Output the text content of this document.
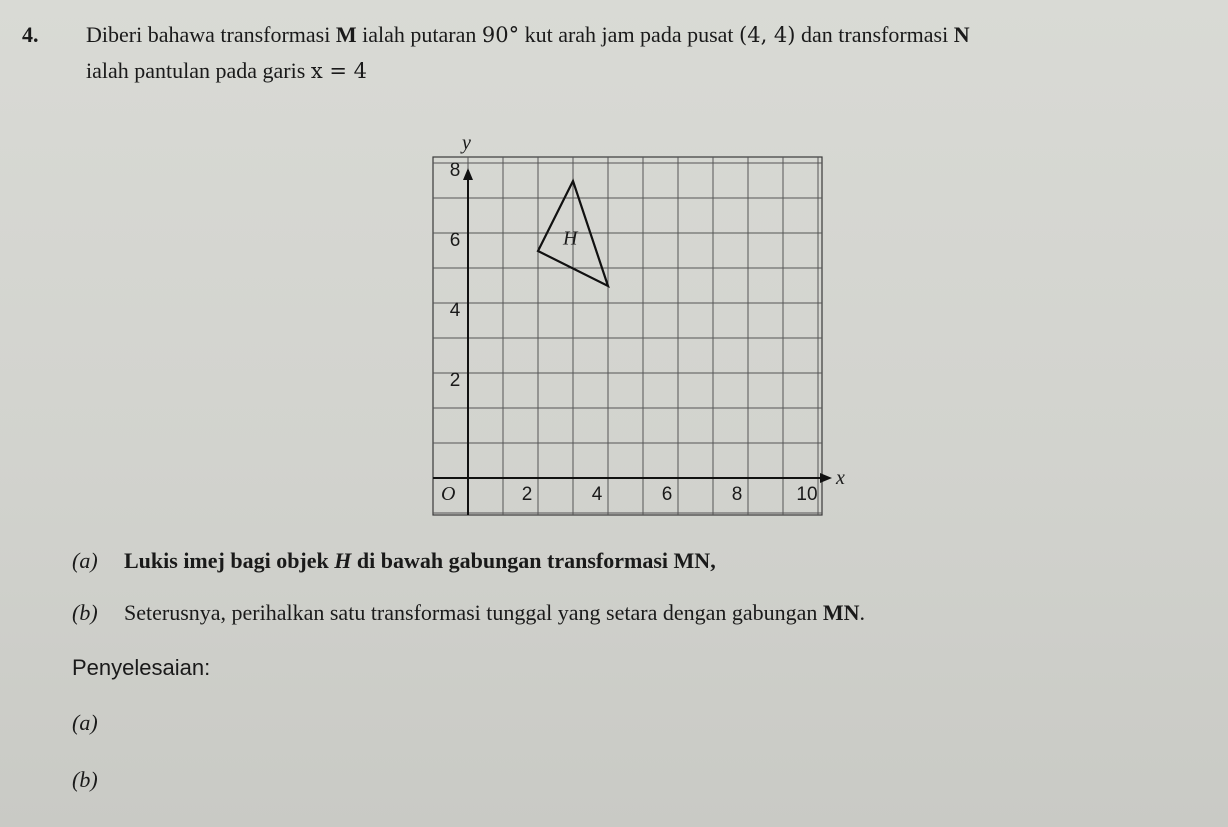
4. Diberi bahawa transformasi M ialah putaran 90° kut arah jam pada pusat (4, 4) dan transformasi N
ialah pantulan pada garis x = 4
y
x
O	2	4	6	8	10
2
4
6
8
H
(a) Lukis imej bagi objek H di bawah gabungan transformasi MN,
(b) Seterusnya, perihalkan satu transformasi tunggal yang setara dengan gabungan MN.
Penyelesaian:
(a)
(b)
